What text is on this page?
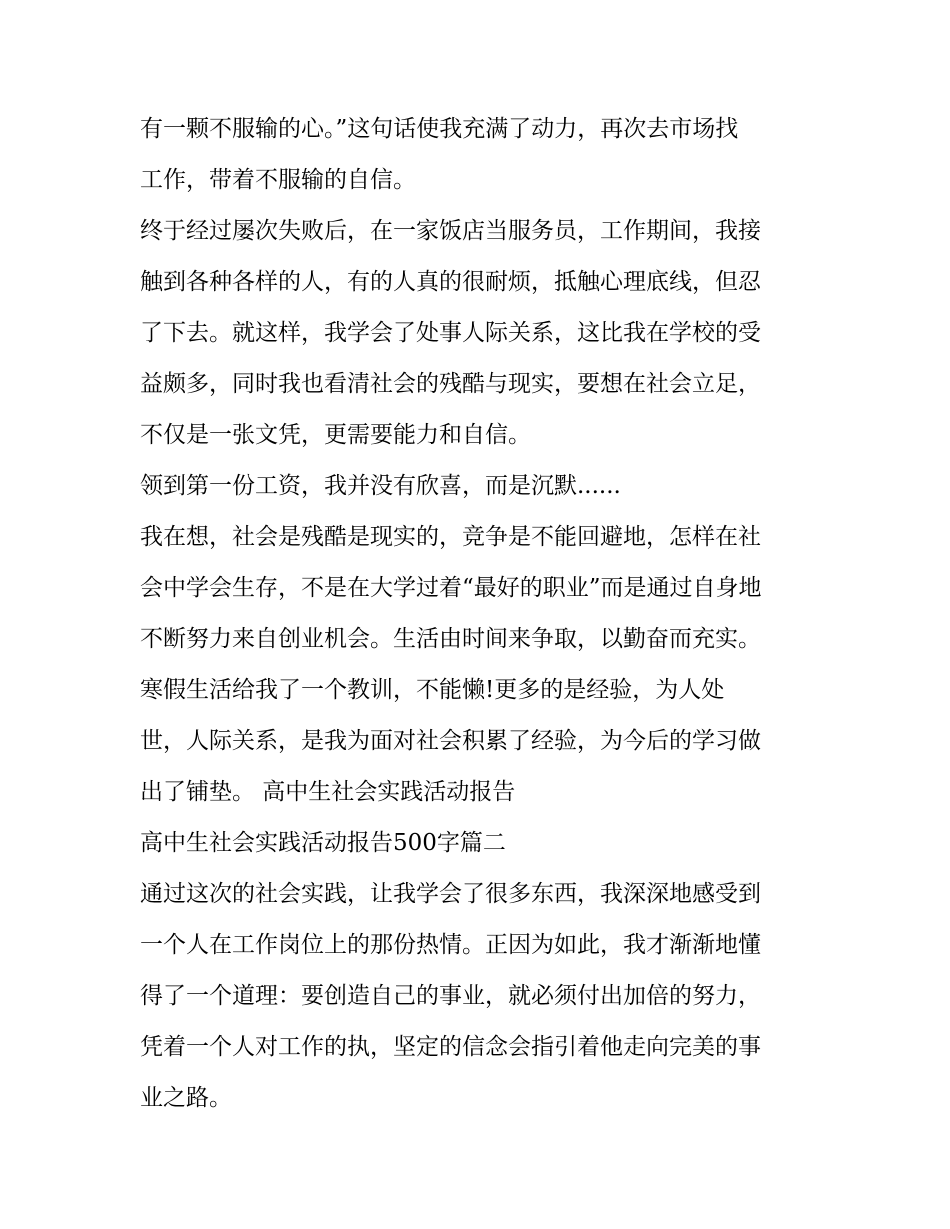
有一颗不服输的心。”这句话使我充满了动力，再次去市场找
工作，带着不服输的自信。
终于经过屡次失败后，在一家饭店当服务员，工作期间，我接
触到各种各样的人，有的人真的很耐烦，抵触心理底线，但忍
了下去。就这样，我学会了处事人际关系，这比我在学校的受
益颇多，同时我也看清社会的残酷与现实，要想在社会立足，
不仅是一张文凭，更需要能力和自信。
领到第一份工资，我并没有欣喜，而是沉默......
我在想，社会是残酷是现实的，竞争是不能回避地，怎样在社
会中学会生存，不是在大学过着“最好的职业”而是通过自身地
不断努力来自创业机会。生活由时间来争取，以勤奋而充实。
寒假生活给我了一个教训，不能懒!更多的是经验，为人处
世，人际关系，是我为面对社会积累了经验，为今后的学习做
出了铺垫。 高中生社会实践活动报告
高中生社会实践活动报告500字篇二
通过这次的社会实践，让我学会了很多东西，我深深地感受到
一个人在工作岗位上的那份热情。正因为如此，我才渐渐地懂
得了一个道理：要创造自己的事业，就必须付出加倍的努力，
凭着一个人对工作的执，坚定的信念会指引着他走向完美的事
业之路。
